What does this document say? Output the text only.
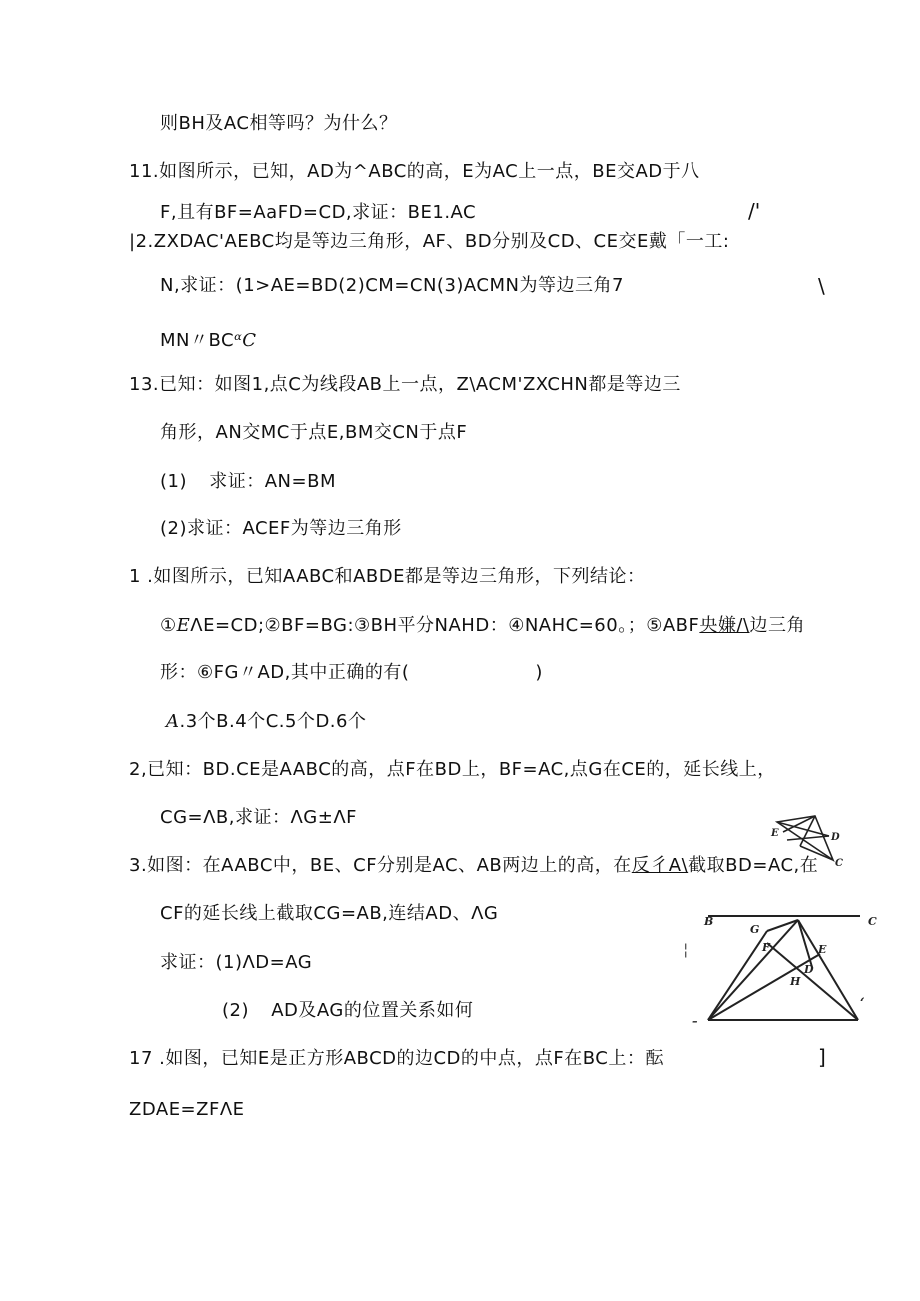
则BH及AC相等吗？为什么？
11.如图所示，已知，AD为^ABC的高，E为AC上一点，BE交AD于八
F,且有BF=AaFD=CD,求证：BE1.AC	/'
|2.ZXDAC'AEBC均是等边三角形，AF、BD分别及CD、CE交E戴「一工:
N,求证：(1>AE=BD(2)CM=CN(3)ACMN为等边三角7	\
MN〃BCᵅC
13.已知：如图1,点C为线段AB上一点，Z\ACM'ZXCHN都是等边三
角形，AN交MC于点E,BM交CN于点F
(1) 求证：AN=BM
(2)求证：ACEF为等边三角形
1 .如图所示，已知AABC和ABDE都是等边三角形，下列结论：
①EΛE=CD;②BF=BG:③BH平分NAHD：④NAHC=60。；⑤ABF央嫌/\边三角
形：⑥FG〃AD,其中正确的有(	)
A.3个B.4个C.5个D.6个
2,已知：BD.CE是AABC的高，点F在BD上，BF=AC,点G在CE的，延长线上，
CG=ΛB,求证：ΛG±ΛF
3.如图：在AABC中，BE、CF分别是AC、AB两边上的高，在反彳A\截取BD=AC,在
CF的延长线上截取CG=AB,连结AD、ΛG
求证：(1)ΛD=AG
(2) AD及AG的位置关系如何
17 .如图，已知E是正方形ABCD的边CD的中点，点F在BC上：酝	]
ZDAE=ZFΛE
E	D
C
B	C
G
F	E
D
H
‘
–
¦
